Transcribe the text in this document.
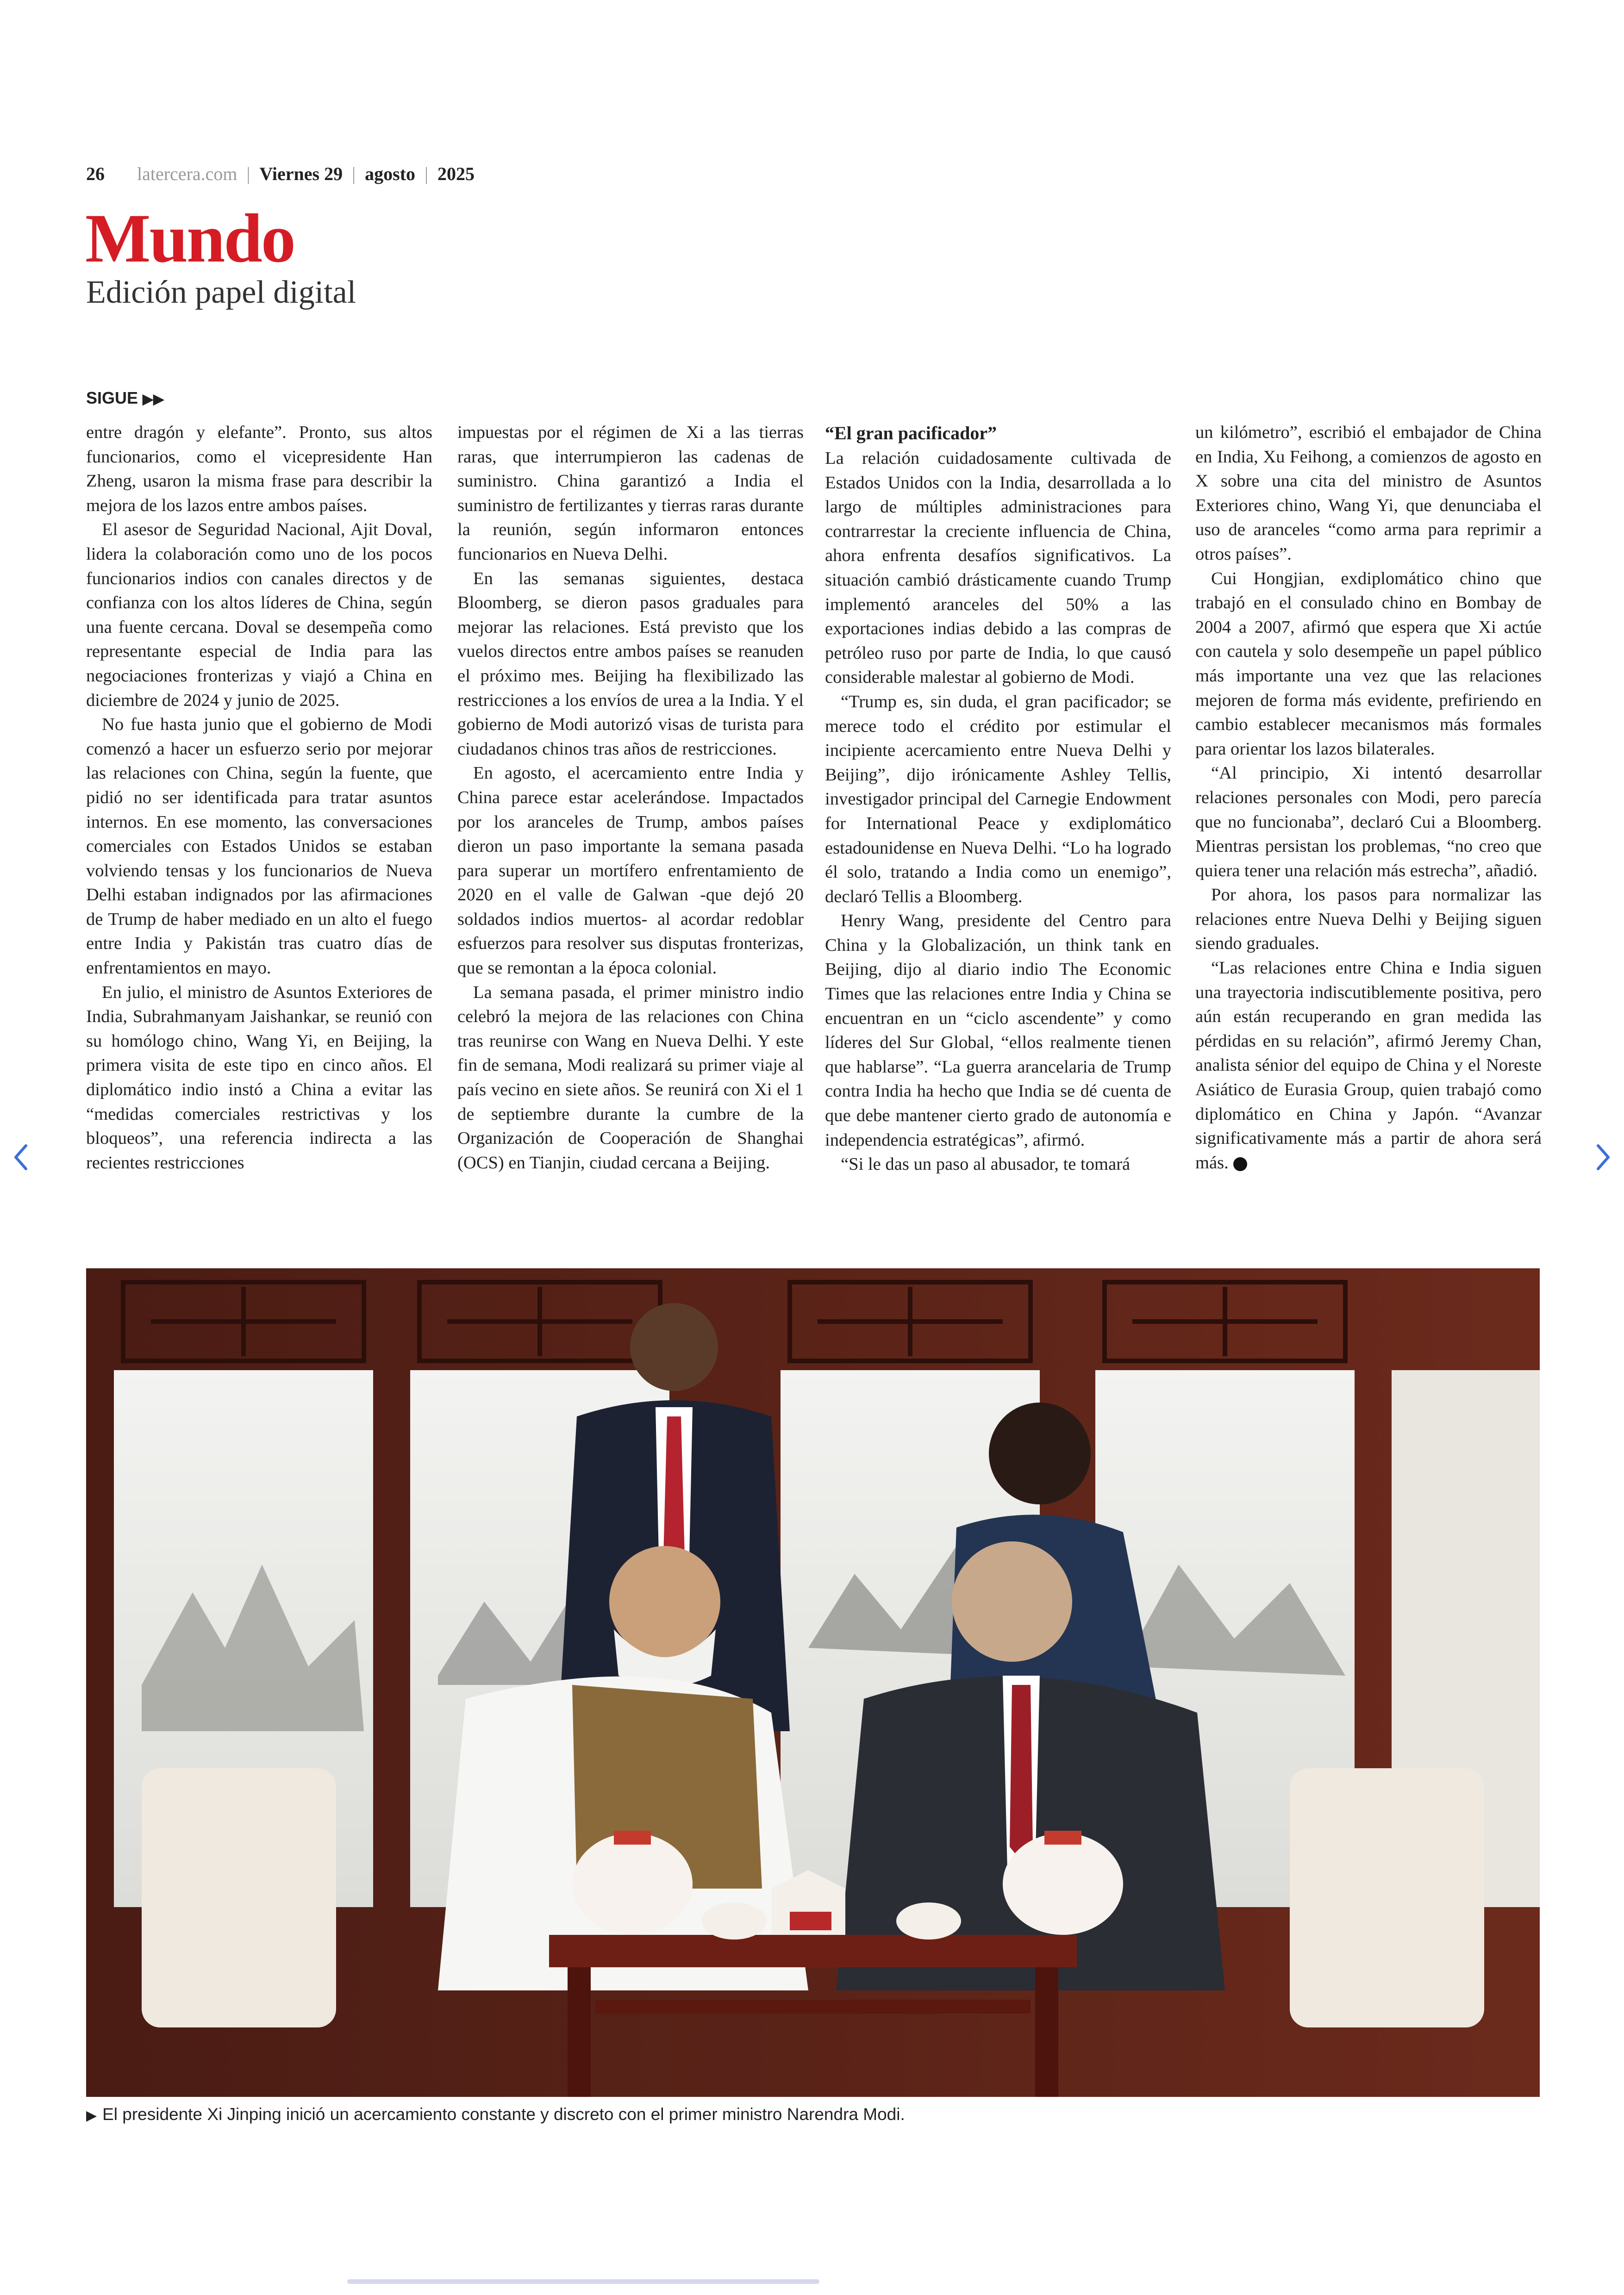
26 latercera.com | Viernes 29 | agosto | 2025
Mundo
Edición papel digital
SIGUE ▶▶

entre dragón y elefante”. Pronto, sus altos funcionarios, como el vicepresidente Han Zheng, usaron la misma frase para describir la mejora de los lazos entre ambos países.

El asesor de Seguridad Nacional, Ajit Doval, lidera la colaboración como uno de los pocos funcionarios indios con canales directos y de confianza con los altos líderes de China, según una fuente cercana. Doval se desempeña como representante especial de India para las negociaciones fronterizas y viajó a China en diciembre de 2024 y junio de 2025.

No fue hasta junio que el gobierno de Modi comenzó a hacer un esfuerzo serio por mejorar las relaciones con China, según la fuente, que pidió no ser identificada para tratar asuntos internos. En ese momento, las conversaciones comerciales con Estados Unidos se estaban volviendo tensas y los funcionarios de Nueva Delhi estaban indignados por las afirmaciones de Trump de haber mediado en un alto el fuego entre India y Pakistán tras cuatro días de enfrentamientos en mayo.

En julio, el ministro de Asuntos Exteriores de India, Subrahmanyam Jaishankar, se reunió con su homólogo chino, Wang Yi, en Beijing, la primera visita de este tipo en cinco años. El diplomático indio instó a China a evitar las “medidas comerciales restrictivas y los bloqueos”, una referencia indirecta a las recientes restricciones

impuestas por el régimen de Xi a las tierras raras, que interrumpieron las cadenas de suministro. China garantizó a India el suministro de fertilizantes y tierras raras durante la reunión, según informaron entonces funcionarios en Nueva Delhi.

En las semanas siguientes, destaca Bloomberg, se dieron pasos graduales para mejorar las relaciones. Está previsto que los vuelos directos entre ambos países se reanuden el próximo mes. Beijing ha flexibilizado las restricciones a los envíos de urea a la India. Y el gobierno de Modi autorizó visas de turista para ciudadanos chinos tras años de restricciones.

En agosto, el acercamiento entre India y China parece estar acelerándose. Impactados por los aranceles de Trump, ambos países dieron un paso importante la semana pasada para superar un mortífero enfrentamiento de 2020 en el valle de Galwan -que dejó 20 soldados indios muertos- al acordar redoblar esfuerzos para resolver sus disputas fronterizas, que se remontan a la época colonial.

La semana pasada, el primer ministro indio celebró la mejora de las relaciones con China tras reunirse con Wang en Nueva Delhi. Y este fin de semana, Modi realizará su primer viaje al país vecino en siete años. Se reunirá con Xi el 1 de septiembre durante la cumbre de la Organización de Cooperación de Shanghai (OCS) en Tianjin, ciudad cercana a Beijing.

“El gran pacificador”

La relación cuidadosamente cultivada de Estados Unidos con la India, desarrollada a lo largo de múltiples administraciones para contrarrestar la creciente influencia de China, ahora enfrenta desafíos significativos. La situación cambió drásticamente cuando Trump implementó aranceles del 50% a las exportaciones indias debido a las compras de petróleo ruso por parte de India, lo que causó considerable malestar al gobierno de Modi.

“Trump es, sin duda, el gran pacificador; se merece todo el crédito por estimular el incipiente acercamiento entre Nueva Delhi y Beijing”, dijo irónicamente Ashley Tellis, investigador principal del Carnegie Endowment for International Peace y exdiplomático estadounidense en Nueva Delhi. “Lo ha logrado él solo, tratando a India como un enemigo”, declaró Tellis a Bloomberg.

Henry Wang, presidente del Centro para China y la Globalización, un think tank en Beijing, dijo al diario indio The Economic Times que las relaciones entre India y China se encuentran en un “ciclo ascendente” y como líderes del Sur Global, “ellos realmente tienen que hablarse”. “La guerra arancelaria de Trump contra India ha hecho que India se dé cuenta de que debe mantener cierto grado de autonomía e independencia estratégicas”, afirmó.

“Si le das un paso al abusador, te tomará

un kilómetro”, escribió el embajador de China en India, Xu Feihong, a comienzos de agosto en X sobre una cita del ministro de Asuntos Exteriores chino, Wang Yi, que denunciaba el uso de aranceles “como arma para reprimir a otros países”.

Cui Hongjian, exdiplomático chino que trabajó en el consulado chino en Bombay de 2004 a 2007, afirmó que espera que Xi actúe con cautela y solo desempeñe un papel público más importante una vez que las relaciones mejoren de forma más evidente, prefiriendo en cambio establecer mecanismos más formales para orientar los lazos bilaterales.

“Al principio, Xi intentó desarrollar relaciones personales con Modi, pero parecía que no funcionaba”, declaró Cui a Bloomberg. Mientras persistan los problemas, “no creo que quiera tener una relación más estrecha”, añadió.

Por ahora, los pasos para normalizar las relaciones entre Nueva Delhi y Beijing siguen siendo graduales.

“Las relaciones entre China e India siguen una trayectoria indiscutiblemente positiva, pero aún están recuperando en gran medida las pérdidas en su relación”, afirmó Jeremy Chan, analista sénior del equipo de China y el Noreste Asiático de Eurasia Group, quien trabajó como diplomático en China y Japón. “Avanzar significativamente más a partir de ahora será más.

▶ El presidente Xi Jinping inició un acercamiento constante y discreto con el primer ministro Narendra Modi.
